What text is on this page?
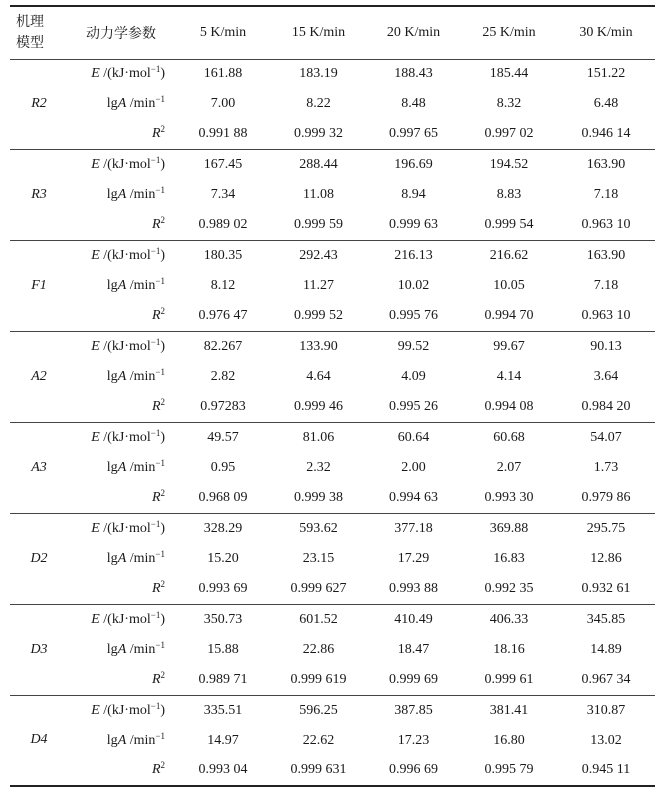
机理
模型	动力学参数	5 K/min	15 K/min	20 K/min	25 K/min	30 K/min
R2	E /(kJ·mol$^{-1}$)	161.88	183.19	188.43	185.44	151.22
	lgA $/\min^{-1}$	7.00	8.22	8.48	8.32	6.48
	$R^2$	0.991 88	0.999 32	0.997 65	0.997 02	0.946 14
R3	E /(kJ·mol$^{-1}$)	167.45	288.44	196.69	194.52	163.90
	lgA $/\min^{-1}$	7.34	11.08	8.94	8.83	7.18
	$R^2$	0.989 02	0.999 59	0.999 63	0.999 54	0.963 10
F1	E /(kJ·mol$^{-1}$)	180.35	292.43	216.13	216.62	163.90
	lgA $/\min^{-1}$	8.12	11.27	10.02	10.05	7.18
	$R^2$	0.976 47	0.999 52	0.995 76	0.994 70	0.963 10
A2	E /(kJ·mol$^{-1}$)	82.267	133.90	99.52	99.67	90.13
	lgA $/\min^{-1}$	2.82	4.64	4.09	4.14	3.64
	$R^2$	0.97283	0.999 46	0.995 26	0.994 08	0.984 20
A3	E /(kJ·mol$^{-1}$)	49.57	81.06	60.64	60.68	54.07
	lgA $/\min^{-1}$	0.95	2.32	2.00	2.07	1.73
	$R^2$	0.968 09	0.999 38	0.994 63	0.993 30	0.979 86
D2	E /(kJ·mol$^{-1}$)	328.29	593.62	377.18	369.88	295.75
	lgA $/\min^{-1}$	15.20	23.15	17.29	16.83	12.86
	$R^2$	0.993 69	0.999 627	0.993 88	0.992 35	0.932 61
D3	E /(kJ·mol$^{-1}$)	350.73	601.52	410.49	406.33	345.85
	lgA $/\min^{-1}$	15.88	22.86	18.47	18.16	14.89
	$R^2$	0.989 71	0.999 619	0.999 69	0.999 61	0.967 34
D4	E /(kJ·mol$^{-1}$)	335.51	596.25	387.85	381.41	310.87
	lgA $/\min^{-1}$	14.97	22.62	17.23	16.80	13.02
	$R^2$	0.993 04	0.999 631	0.996 69	0.995 79	0.945 11
